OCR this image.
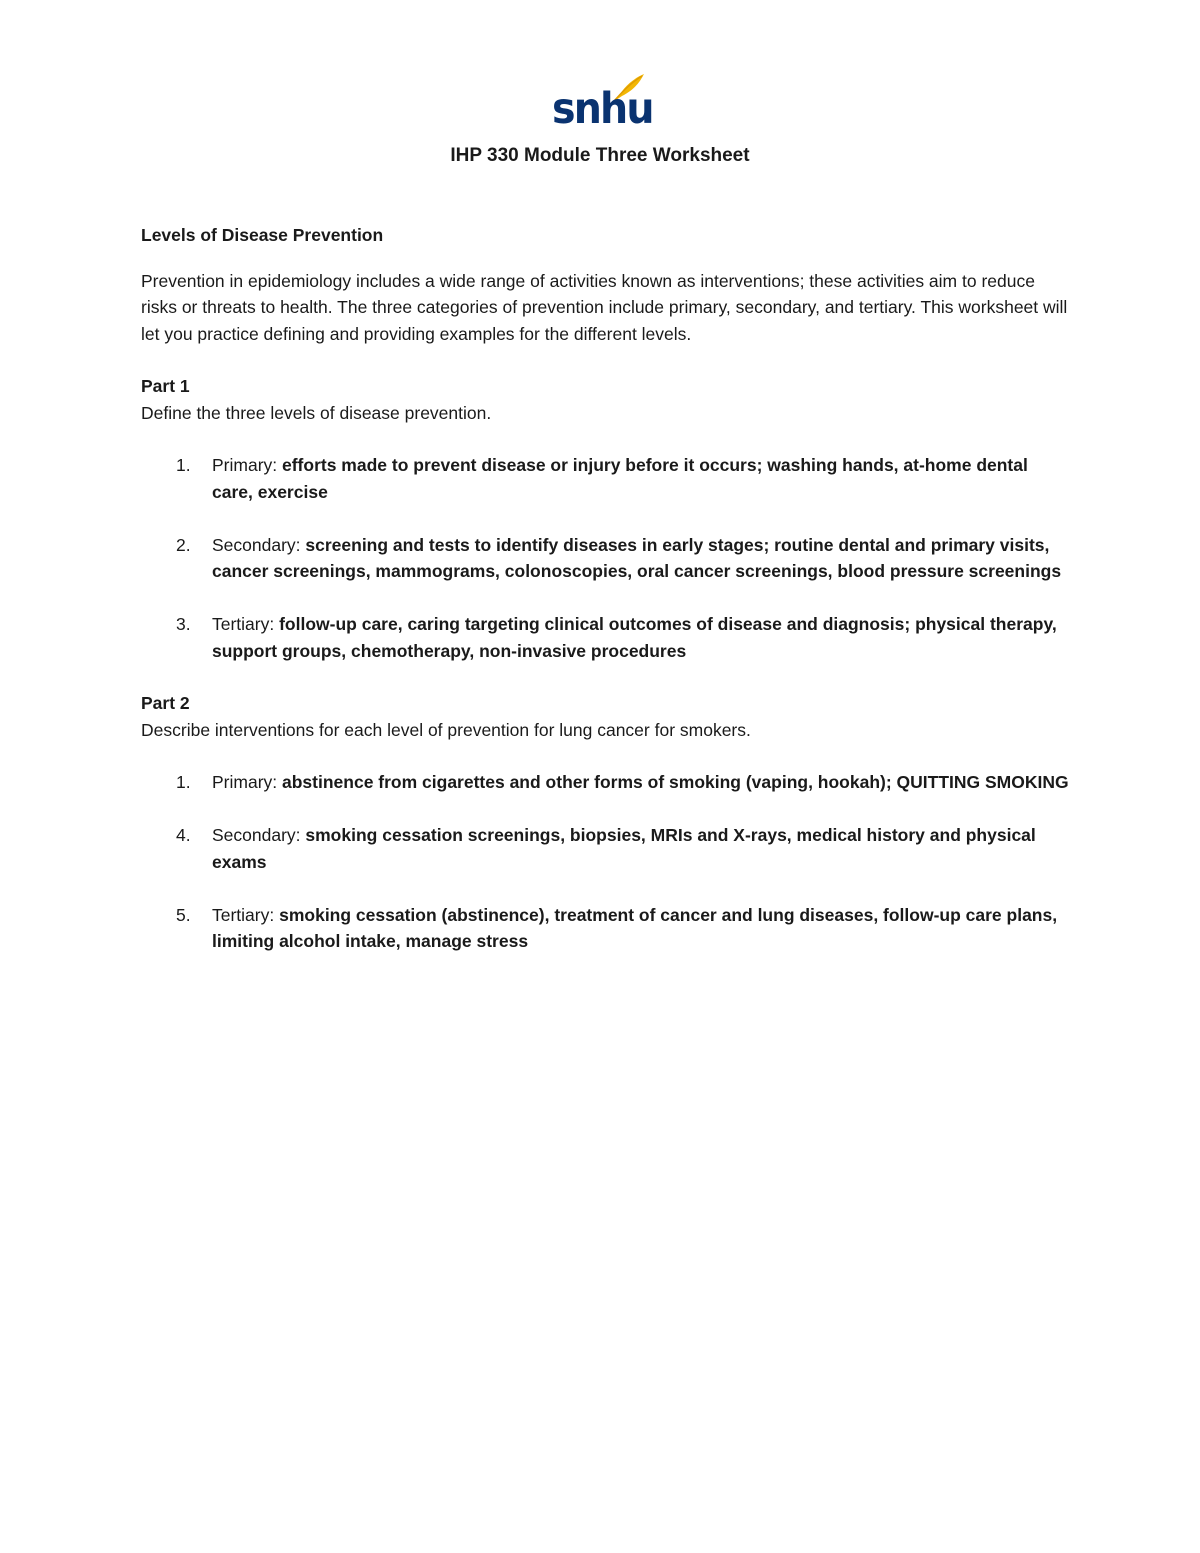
snhu
IHP 330 Module Three Worksheet

Levels of Disease Prevention

Prevention in epidemiology includes a wide range of activities known as interventions; these activities aim to reduce risks or threats to health. The three categories of prevention include primary, secondary, and tertiary. This worksheet will let you practice defining and providing examples for the different levels.

Part 1

Define the three levels of disease prevention.

1. Primary: efforts made to prevent disease or injury before it occurs; washing hands, at-home dental care, exercise
2. Secondary: screening and tests to identify diseases in early stages; routine dental and primary visits, cancer screenings, mammograms, colonoscopies, oral cancer screenings, blood pressure screenings
3. Tertiary: follow-up care, caring targeting clinical outcomes of disease and diagnosis; physical therapy, support groups, chemotherapy, non-invasive procedures

Part 2

Describe interventions for each level of prevention for lung cancer for smokers.

1. Primary: abstinence from cigarettes and other forms of smoking (vaping, hookah); QUITTING SMOKING
4. Secondary: smoking cessation screenings, biopsies, MRIs and X-rays, medical history and physical exams
5. Tertiary: smoking cessation (abstinence), treatment of cancer and lung diseases, follow-up care plans, limiting alcohol intake, manage stress
